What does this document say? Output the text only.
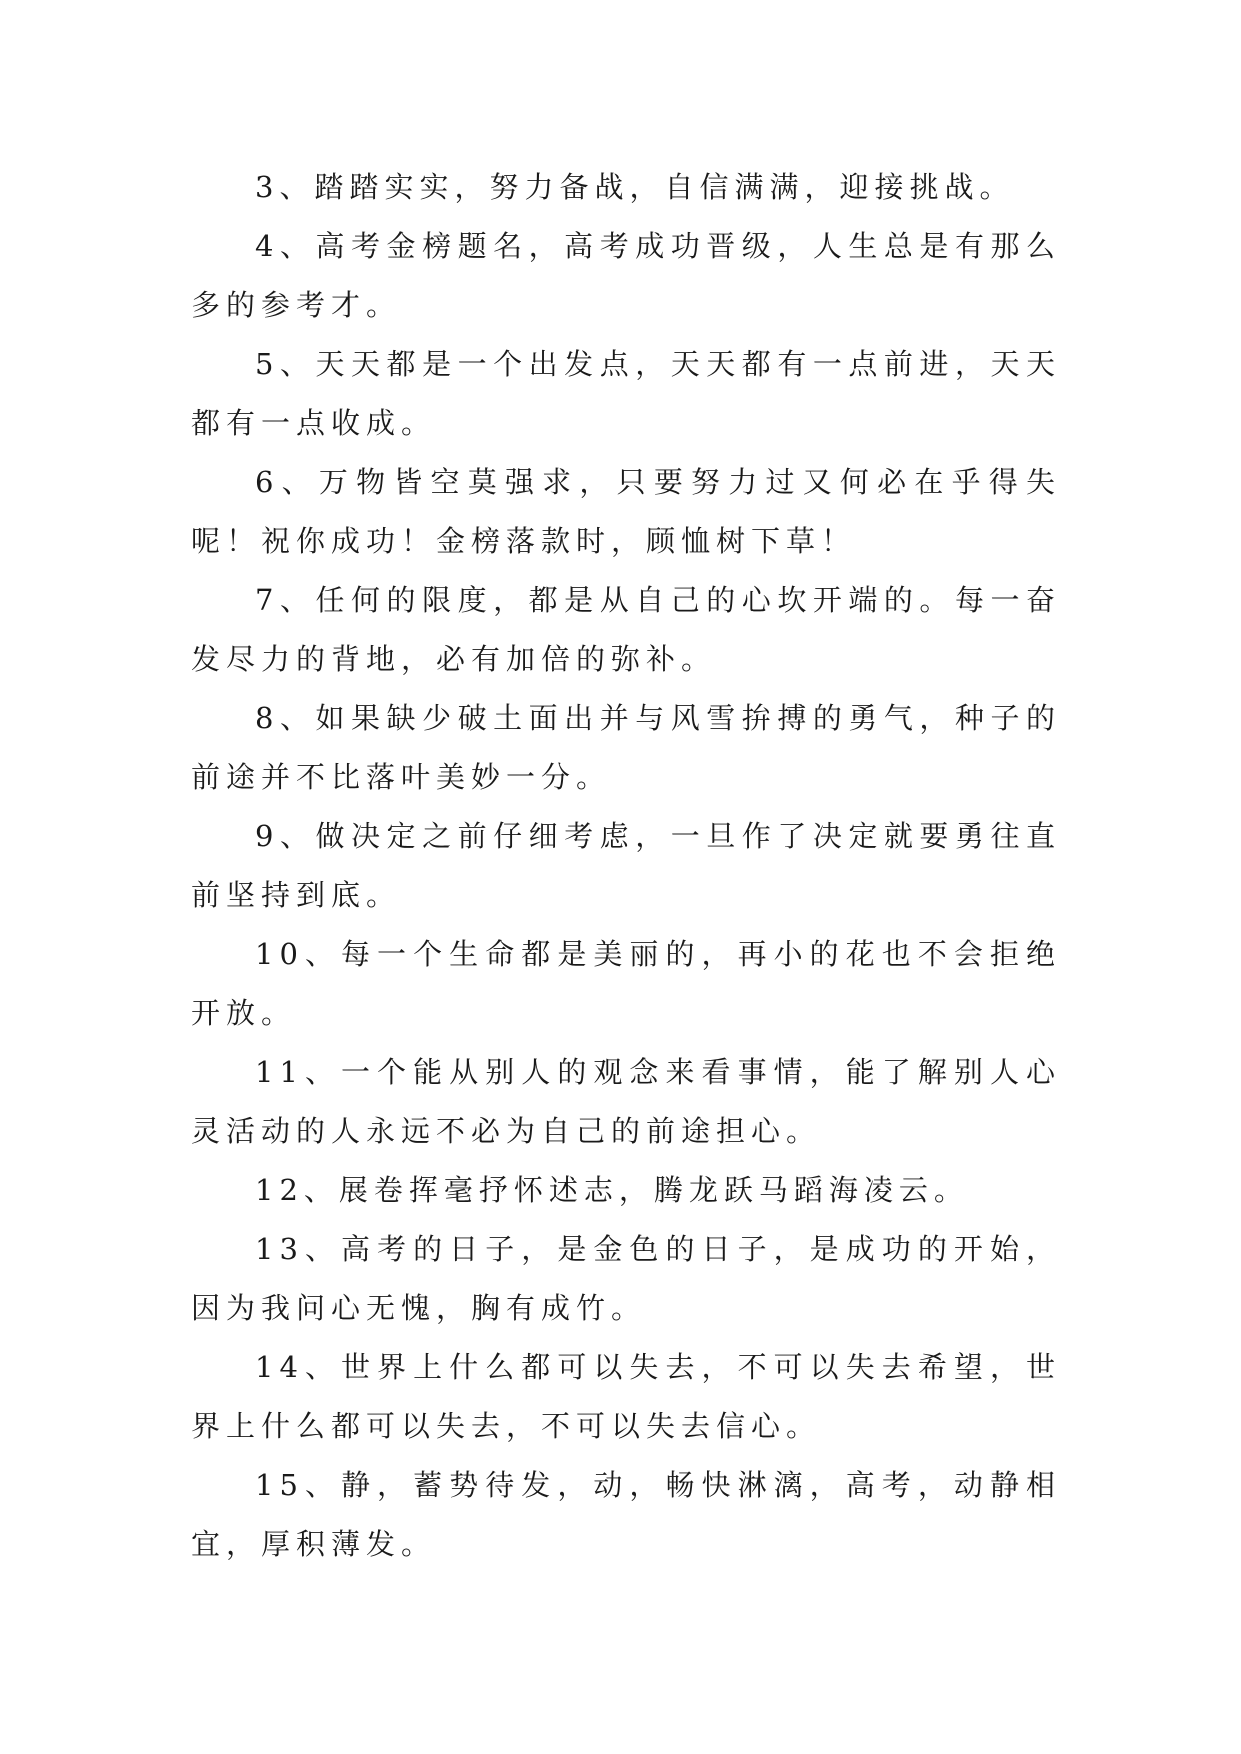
3、踏踏实实，努力备战，自信满满，迎接挑战。

4、高考金榜题名，高考成功晋级，人生总是有那么多的参考才。

5、天天都是一个出发点，天天都有一点前进，天天都有一点收成。

6、万物皆空莫强求，只要努力过又何必在乎得失呢！祝你成功！金榜落款时，顾恤树下草！

7、任何的限度，都是从自己的心坎开端的。每一奋发尽力的背地，必有加倍的弥补。

8、如果缺少破土面出并与风雪拚搏的勇气，种子的前途并不比落叶美妙一分。

9、做决定之前仔细考虑，一旦作了决定就要勇往直前坚持到底。

10、每一个生命都是美丽的，再小的花也不会拒绝开放。

11、一个能从别人的观念来看事情，能了解别人心灵活动的人永远不必为自己的前途担心。

12、展卷挥毫抒怀述志，腾龙跃马蹈海凌云。

13、高考的日子，是金色的日子，是成功的开始，因为我问心无愧，胸有成竹。

14、世界上什么都可以失去，不可以失去希望，世界上什么都可以失去，不可以失去信心。

15、静，蓄势待发，动，畅快淋漓，高考，动静相宜，厚积薄发。
